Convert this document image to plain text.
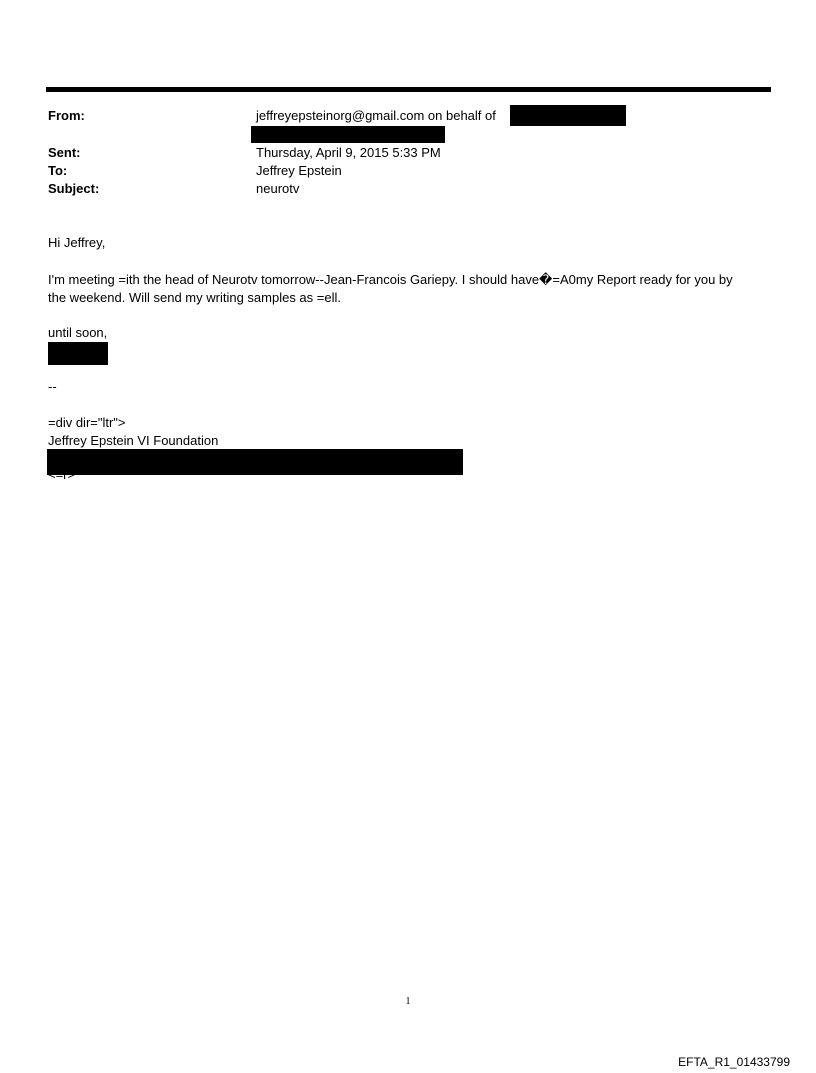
From:	jeffreyepsteinorg@gmail.com on behalf of
Sent:	Thursday, April 9, 2015 5:33 PM
To:	Jeffrey Epstein
Subject:	neurotv
Hi Jeffrey,
I'm meeting =ith the head of Neurotv tomorrow--Jean-Francois Gariepy. I should have�=A0my Report ready for you by
the weekend. Will send my writing samples as =ell.
until soon,
--
=div dir="ltr">
Jeffrey Epstein VI Foundation
1
EFTA_R1_01433799
